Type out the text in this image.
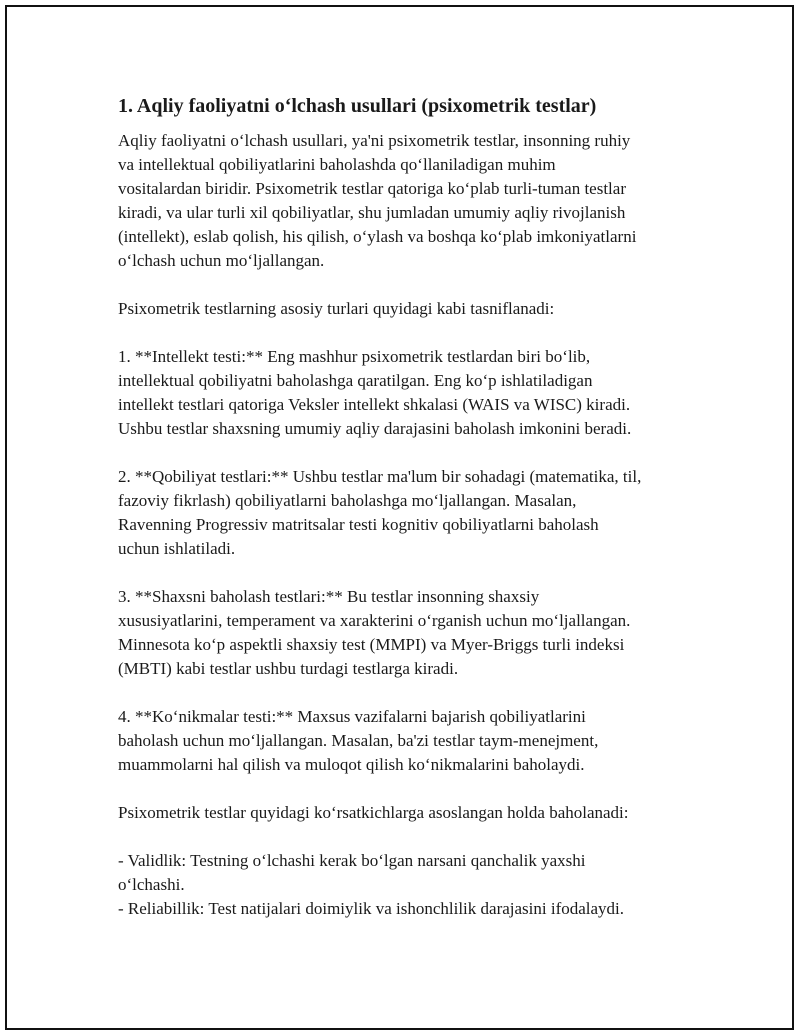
1. Aqliy faoliyatni o‘lchash usullari (psixometrik testlar)

Aqliy faoliyatni o‘lchash usullari, ya'ni psixometrik testlar, insonning ruhiy
va intellektual qobiliyatlarini baholashda qo‘llaniladigan muhim
vositalardan biridir. Psixometrik testlar qatoriga ko‘plab turli-tuman testlar
kiradi, va ular turli xil qobiliyatlar, shu jumladan umumiy aqliy rivojlanish
(intellekt), eslab qolish, his qilish, o‘ylash va boshqa ko‘plab imkoniyatlarni
o‘lchash uchun mo‘ljallangan.

Psixometrik testlarning asosiy turlari quyidagi kabi tasniflanadi:

1. **Intellekt testi:** Eng mashhur psixometrik testlardan biri bo‘lib,
intellektual qobiliyatni baholashga qaratilgan. Eng ko‘p ishlatiladigan
intellekt testlari qatoriga Veksler intellekt shkalasi (WAIS va WISC) kiradi.
Ushbu testlar shaxsning umumiy aqliy darajasini baholash imkonini beradi.

2. **Qobiliyat testlari:** Ushbu testlar ma'lum bir sohadagi (matematika, til,
fazoviy fikrlash) qobiliyatlarni baholashga mo‘ljallangan. Masalan,
Ravenning Progressiv matritsalar testi kognitiv qobiliyatlarni baholash
uchun ishlatiladi.

3. **Shaxsni baholash testlari:** Bu testlar insonning shaxsiy
xususiyatlarini, temperament va xarakterini o‘rganish uchun mo‘ljallangan.
Minnesota ko‘p aspektli shaxsiy test (MMPI) va Myer-Briggs turli indeksi
(MBTI) kabi testlar ushbu turdagi testlarga kiradi.

4. **Ko‘nikmalar testi:** Maxsus vazifalarni bajarish qobiliyatlarini
baholash uchun mo‘ljallangan. Masalan, ba'zi testlar taym-menejment,
muammolarni hal qilish va muloqot qilish ko‘nikmalarini baholaydi.

Psixometrik testlar quyidagi ko‘rsatkichlarga asoslangan holda baholanadi:

- Validlik: Testning o‘lchashi kerak bo‘lgan narsani qanchalik yaxshi
o‘lchashi.
- Reliabillik: Test natijalari doimiylik va ishonchlilik darajasini ifodalaydi.
